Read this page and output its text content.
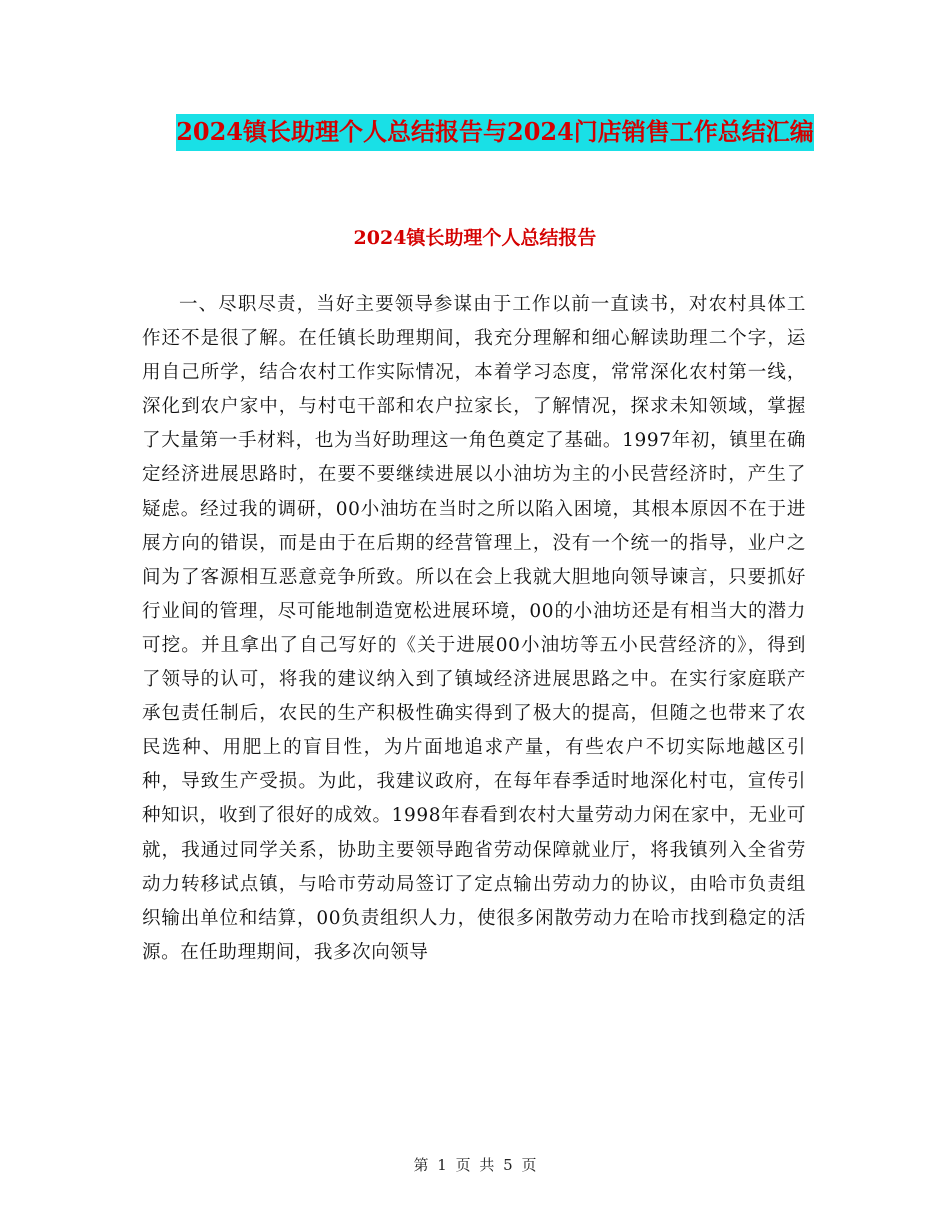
2024镇长助理个人总结报告与2024门店销售工作总结汇编
2024镇长助理个人总结报告

一、尽职尽责，当好主要领导参谋由于工作以前一直读书，对农村具体工作还不是很了解。在任镇长助理期间，我充分理解和细心解读助理二个字，运用自己所学，结合农村工作实际情况，本着学习态度，常常深化农村第一线，深化到农户家中，与村屯干部和农户拉家长，了解情况，探求未知领域，掌握了大量第一手材料，也为当好助理这一角色奠定了基础。1997年初，镇里在确定经济进展思路时，在要不要继续进展以小油坊为主的小民营经济时，产生了疑虑。经过我的调研，00小油坊在当时之所以陷入困境，其根本原因不在于进展方向的错误，而是由于在后期的经营管理上，没有一个统一的指导，业户之间为了客源相互恶意竞争所致。所以在会上我就大胆地向领导谏言，只要抓好行业间的管理，尽可能地制造宽松进展环境，00的小油坊还是有相当大的潜力可挖。并且拿出了自己写好的《关于进展00小油坊等五小民营经济的》，得到了领导的认可，将我的建议纳入到了镇域经济进展思路之中。在实行家庭联产承包责任制后，农民的生产积极性确实得到了极大的提高，但随之也带来了农民选种、用肥上的盲目性，为片面地追求产量，有些农户不切实际地越区引种，导致生产受损。为此，我建议政府，在每年春季适时地深化村屯，宣传引种知识，收到了很好的成效。1998年春看到农村大量劳动力闲在家中，无业可就，我通过同学关系，协助主要领导跑省劳动保障就业厅，将我镇列入全省劳动力转移试点镇，与哈市劳动局签订了定点输出劳动力的协议，由哈市负责组织输出单位和结算，00负责组织人力，使很多闲散劳动力在哈市找到稳定的活源。在任助理期间，我多次向领导

第 1 页 共 5 页
